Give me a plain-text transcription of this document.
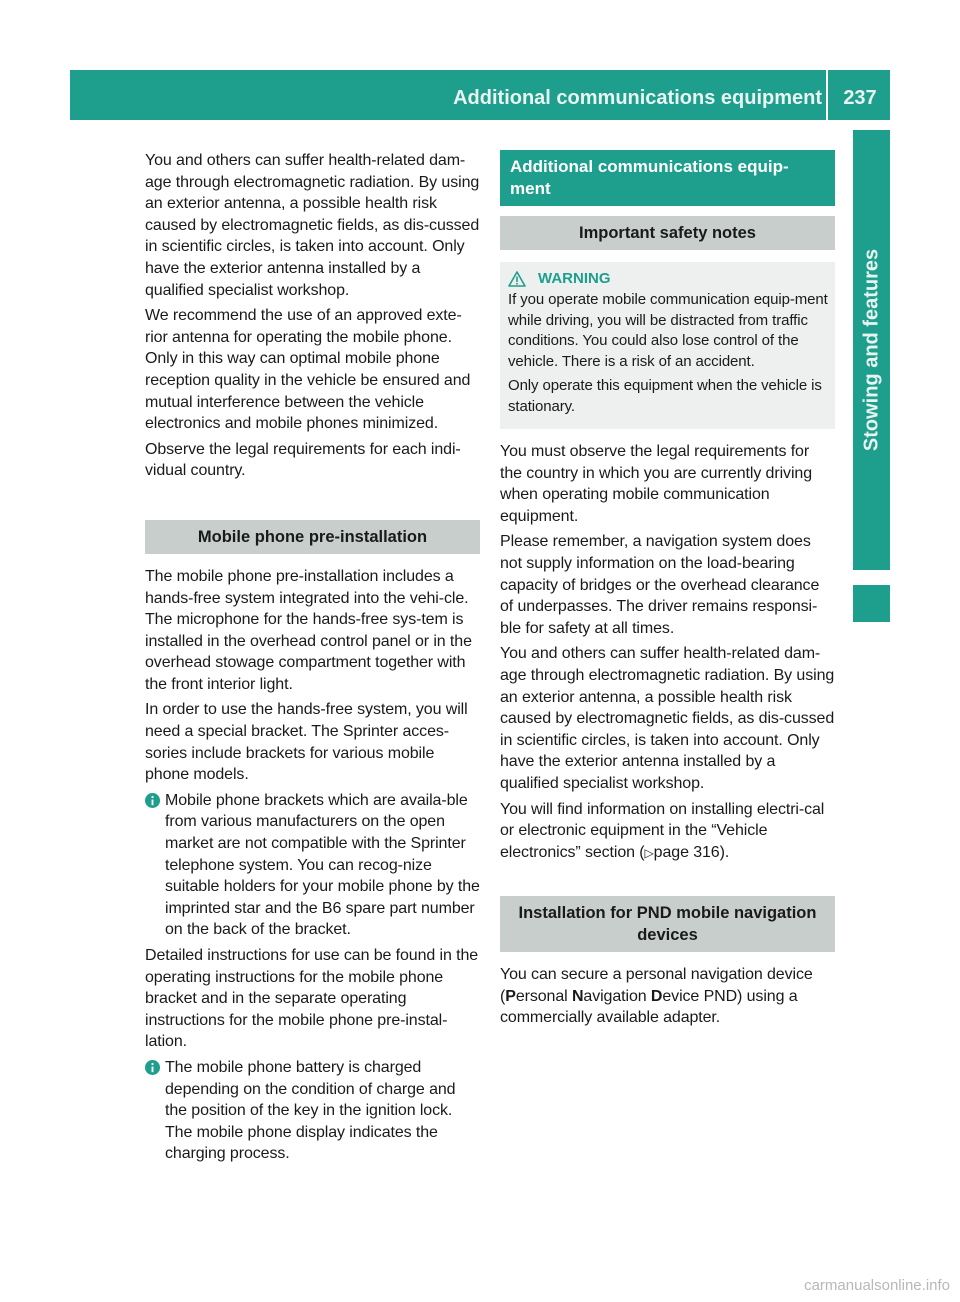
Additional communications equipment	237
Stowing and features

You and others can suffer health-related dam-age through electromagnetic radiation. By using an exterior antenna, a possible health risk caused by electromagnetic fields, as dis-cussed in scientific circles, is taken into account. Only have the exterior antenna installed by a qualified specialist workshop.

We recommend the use of an approved exte-rior antenna for operating the mobile phone. Only in this way can optimal mobile phone reception quality in the vehicle be ensured and mutual interference between the vehicle electronics and mobile phones minimized.

Observe the legal requirements for each indi-vidual country.

Mobile phone pre-installation

The mobile phone pre-installation includes a hands-free system integrated into the vehi-cle. The microphone for the hands-free sys-tem is installed in the overhead control panel or in the overhead stowage compartment together with the front interior light.

In order to use the hands-free system, you will need a special bracket. The Sprinter acces-sories include brackets for various mobile phone models.

Mobile phone brackets which are availa-ble from various manufacturers on the open market are not compatible with the Sprinter telephone system. You can recog-nize suitable holders for your mobile phone by the imprinted star and the B6 spare part number on the back of the bracket.

Detailed instructions for use can be found in the operating instructions for the mobile phone bracket and in the separate operating instructions for the mobile phone pre-instal-lation.

The mobile phone battery is charged depending on the condition of charge and the position of the key in the ignition lock. The mobile phone display indicates the charging process.

Additional communications equip-ment
Important safety notes
WARNING

If you operate mobile communication equip-ment while driving, you will be distracted from traffic conditions. You could also lose control of the vehicle. There is a risk of an accident.

Only operate this equipment when the vehicle is stationary.

You must observe the legal requirements for the country in which you are currently driving when operating mobile communication equipment.

Please remember, a navigation system does not supply information on the load-bearing capacity of bridges or the overhead clearance of underpasses. The driver remains responsi-ble for safety at all times.

You and others can suffer health-related dam-age through electromagnetic radiation. By using an exterior antenna, a possible health risk caused by electromagnetic fields, as dis-cussed in scientific circles, is taken into account. Only have the exterior antenna installed by a qualified specialist workshop.

You will find information on installing electri-cal or electronic equipment in the “Vehicle electronics” section (▷page 316).

Installation for PND mobile navigation devices

You can secure a personal navigation device
(Personal Navigation Device PND) using a commercially available adapter.

carmanualsonline.info
